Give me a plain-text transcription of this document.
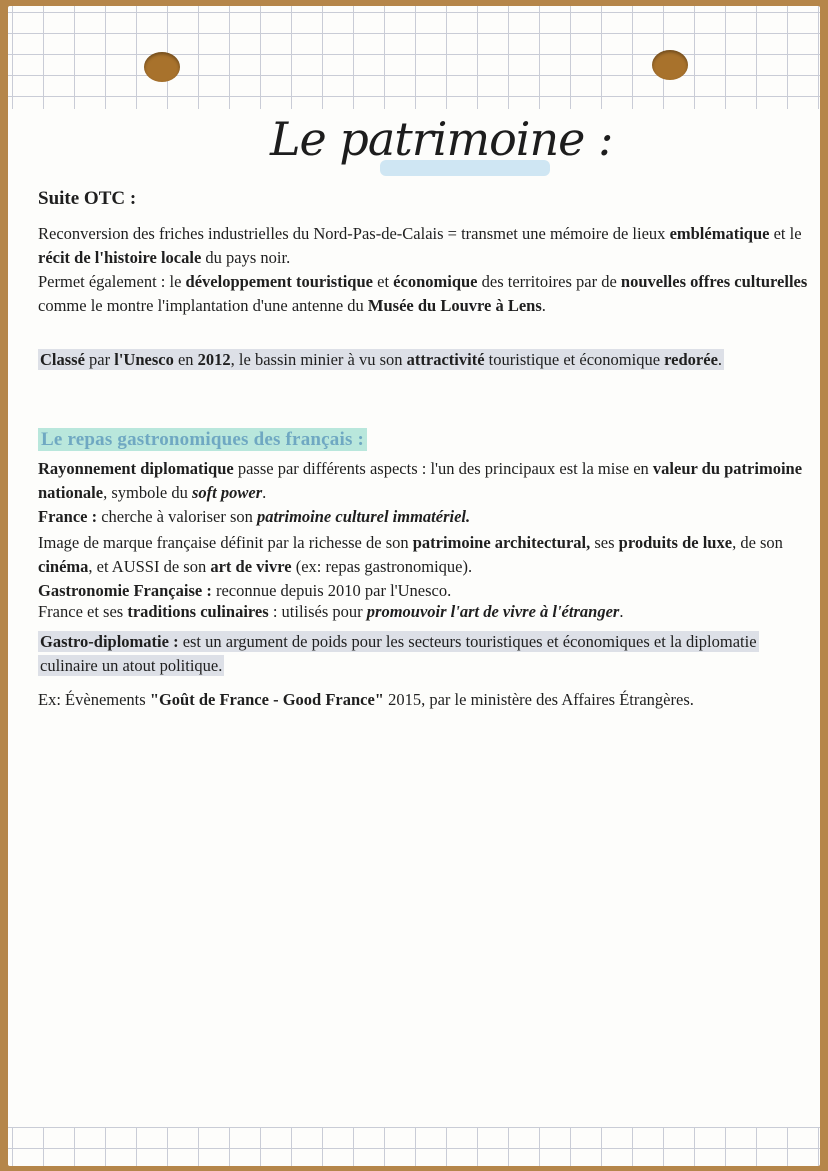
Le patrimoine :
Suite OTC :
Reconversion des friches industrielles du Nord-Pas-de-Calais = transmet une mémoire de lieux emblématique et le récit de l'histoire locale du pays noir.
Permet également : le développement touristique et économique des territoires par de nouvelles offres culturelles comme le montre l'implantation d'une antenne du Musée du Louvre à Lens.
Classé par l'Unesco en 2012, le bassin minier à vu son attractivité touristique et économique redorée.
Le repas gastronomiques des français :
Rayonnement diplomatique passe par différents aspects : l'un des principaux est la mise en valeur du patrimoine nationale, symbole du soft power.
France : cherche à valoriser son patrimoine culturel immatériel.
Image de marque française définit par la richesse de son patrimoine architectural, ses produits de luxe, de son cinéma, et AUSSI de son art de vivre (ex: repas gastronomique).
Gastronomie Française : reconnue depuis 2010 par l'Unesco.
France et ses traditions culinaires : utilisés pour promouvoir l'art de vivre à l'étranger.
Gastro-diplomatie : est un argument de poids pour les secteurs touristiques et économiques et la diplomatie culinaire un atout politique.
Ex: Évènements "Goût de France - Good France" 2015, par le ministère des Affaires Étrangères.
